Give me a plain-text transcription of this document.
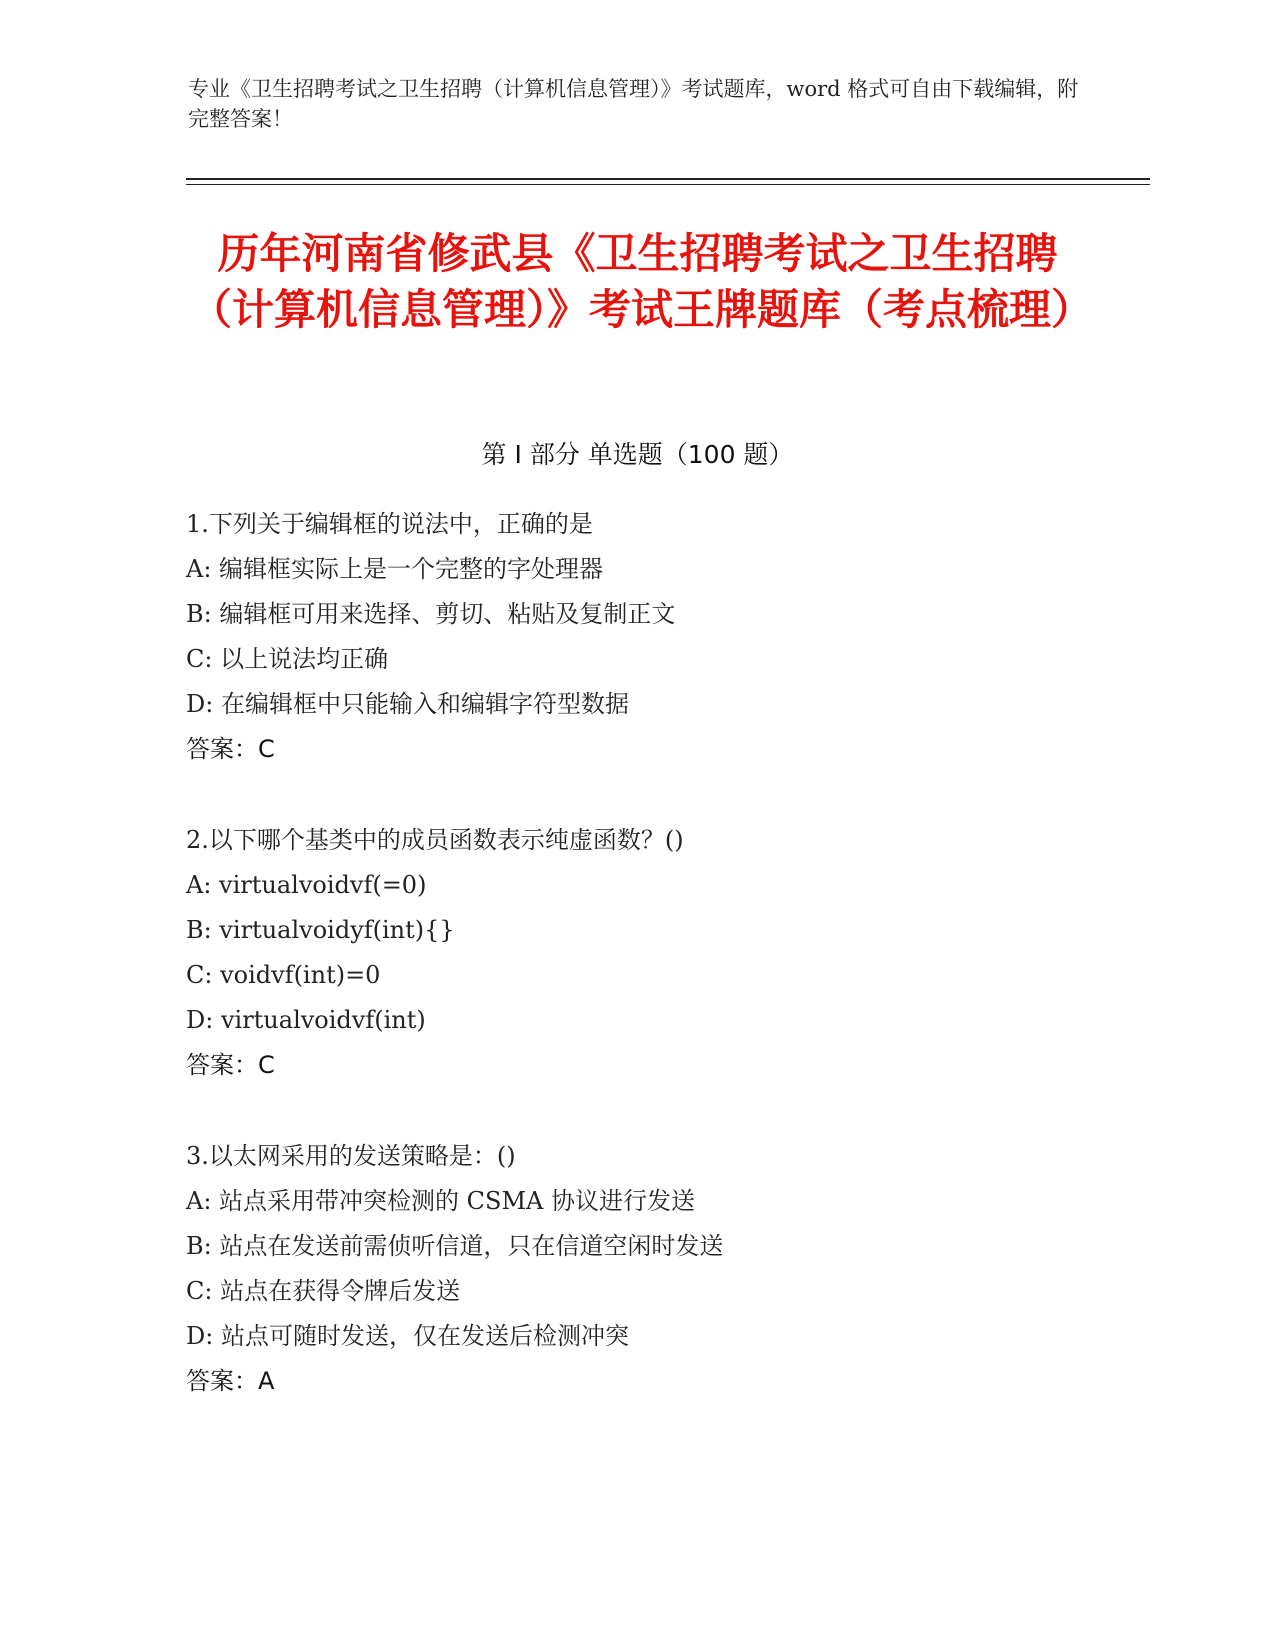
专业《卫生招聘考试之卫生招聘（计算机信息管理）》考试题库，word 格式可自由下载编辑，附完整答案！
历年河南省修武县《卫生招聘考试之卫生招聘（计算机信息管理）》考试王牌题库（考点梳理）
第 I 部分 单选题（100 题）
1.下列关于编辑框的说法中，正确的是
A: 编辑框实际上是一个完整的字处理器
B: 编辑框可用来选择、剪切、粘贴及复制正文
C: 以上说法均正确
D: 在编辑框中只能输入和编辑字符型数据
答案：C
2.以下哪个基类中的成员函数表示纯虚函数？()
A: virtualvoidvf(=0)
B: virtualvoidyf(int){}
C: voidvf(int)=0
D: virtualvoidvf(int)
答案：C
3.以太网采用的发送策略是：()
A: 站点采用带冲突检测的 CSMA 协议进行发送
B: 站点在发送前需侦听信道，只在信道空闲时发送
C: 站点在获得令牌后发送
D: 站点可随时发送，仅在发送后检测冲突
答案：A
